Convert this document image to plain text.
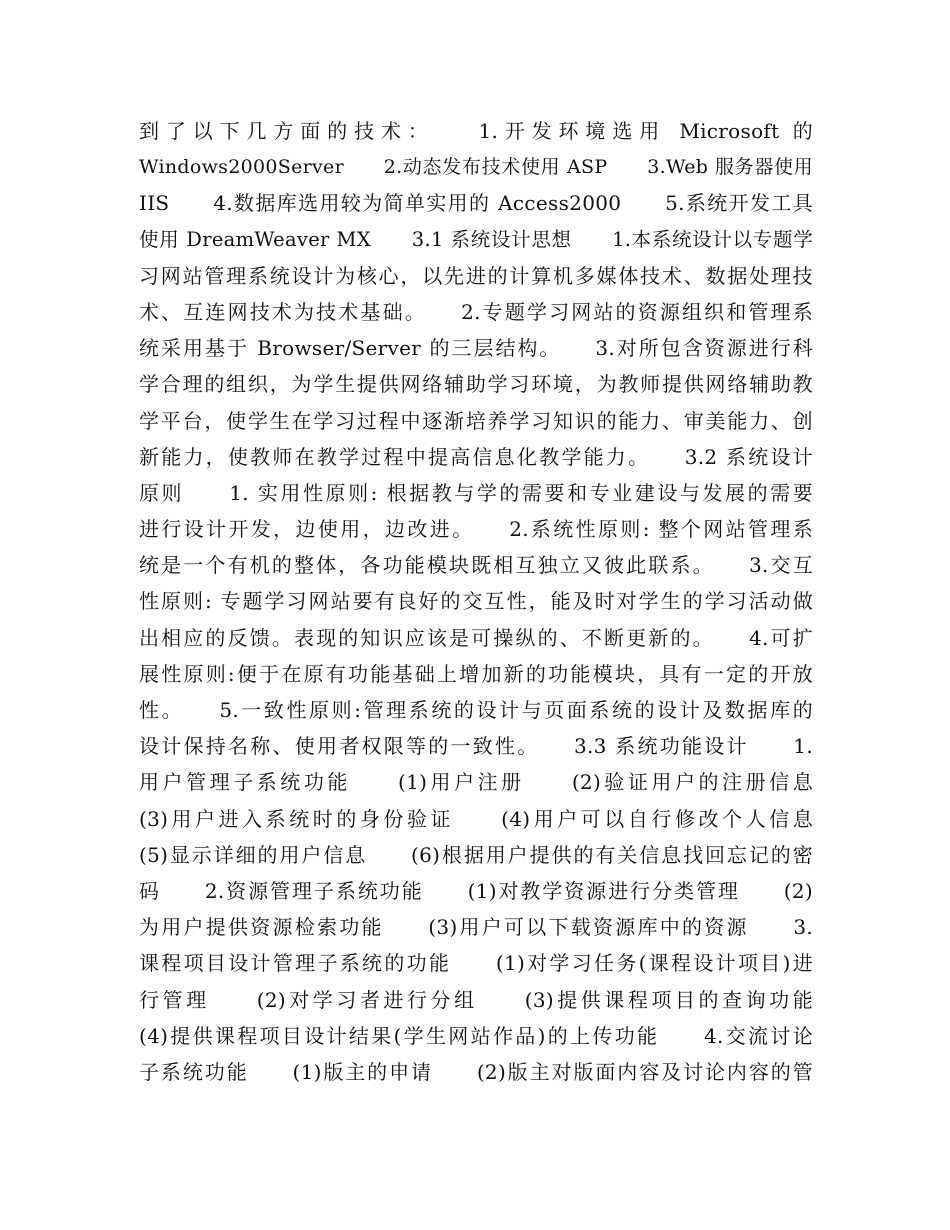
到了以下几方面的技术：　　1.开发环境选用 Microsoft 的
Windows2000Server　　2.动态发布技术使用 ASP　　3.Web 服务器使用
IIS　　4.数据库选用较为简单实用的 Access2000　　5.系统开发工具
使用 DreamWeaver MX　　3.1 系统设计思想　　1.本系统设计以专题学
习网站管理系统设计为核心，以先进的计算机多媒体技术、数据处理技
术、互连网技术为技术基础。　　2.专题学习网站的资源组织和管理系
统采用基于 Browser/Server 的三层结构。　　3.对所包含资源进行科
学合理的组织，为学生提供网络辅助学习环境，为教师提供网络辅助教
学平台，使学生在学习过程中逐渐培养学习知识的能力、审美能力、创
新能力，使教师在教学过程中提高信息化教学能力。　　3.2 系统设计
原则　　1. 实用性原则: 根据教与学的需要和专业建设与发展的需要
进行设计开发，边使用，边改进。　　2.系统性原则: 整个网站管理系
统是一个有机的整体，各功能模块既相互独立又彼此联系。　　3.交互
性原则: 专题学习网站要有良好的交互性，能及时对学生的学习活动做
出相应的反馈。表现的知识应该是可操纵的、不断更新的。　　4.可扩
展性原则:便于在原有功能基础上增加新的功能模块，具有一定的开放
性。　　5.一致性原则:管理系统的设计与页面系统的设计及数据库的
设计保持名称、使用者权限等的一致性。　　3.3 系统功能设计　　1.
用户管理子系统功能　　(1)用户注册　　(2)验证用户的注册信息
(3)用户进入系统时的身份验证　　(4)用户可以自行修改个人信息
(5)显示详细的用户信息　　(6)根据用户提供的有关信息找回忘记的密
码　　2.资源管理子系统功能　　(1)对教学资源进行分类管理　　(2)
为用户提供资源检索功能　　(3)用户可以下载资源库中的资源　　3.
课程项目设计管理子系统的功能　　(1)对学习任务(课程设计项目)进
行管理　　(2)对学习者进行分组　　(3)提供课程项目的查询功能
(4)提供课程项目设计结果(学生网站作品)的上传功能　　4.交流讨论
子系统功能　　(1)版主的申请　　(2)版主对版面内容及讨论内容的管
